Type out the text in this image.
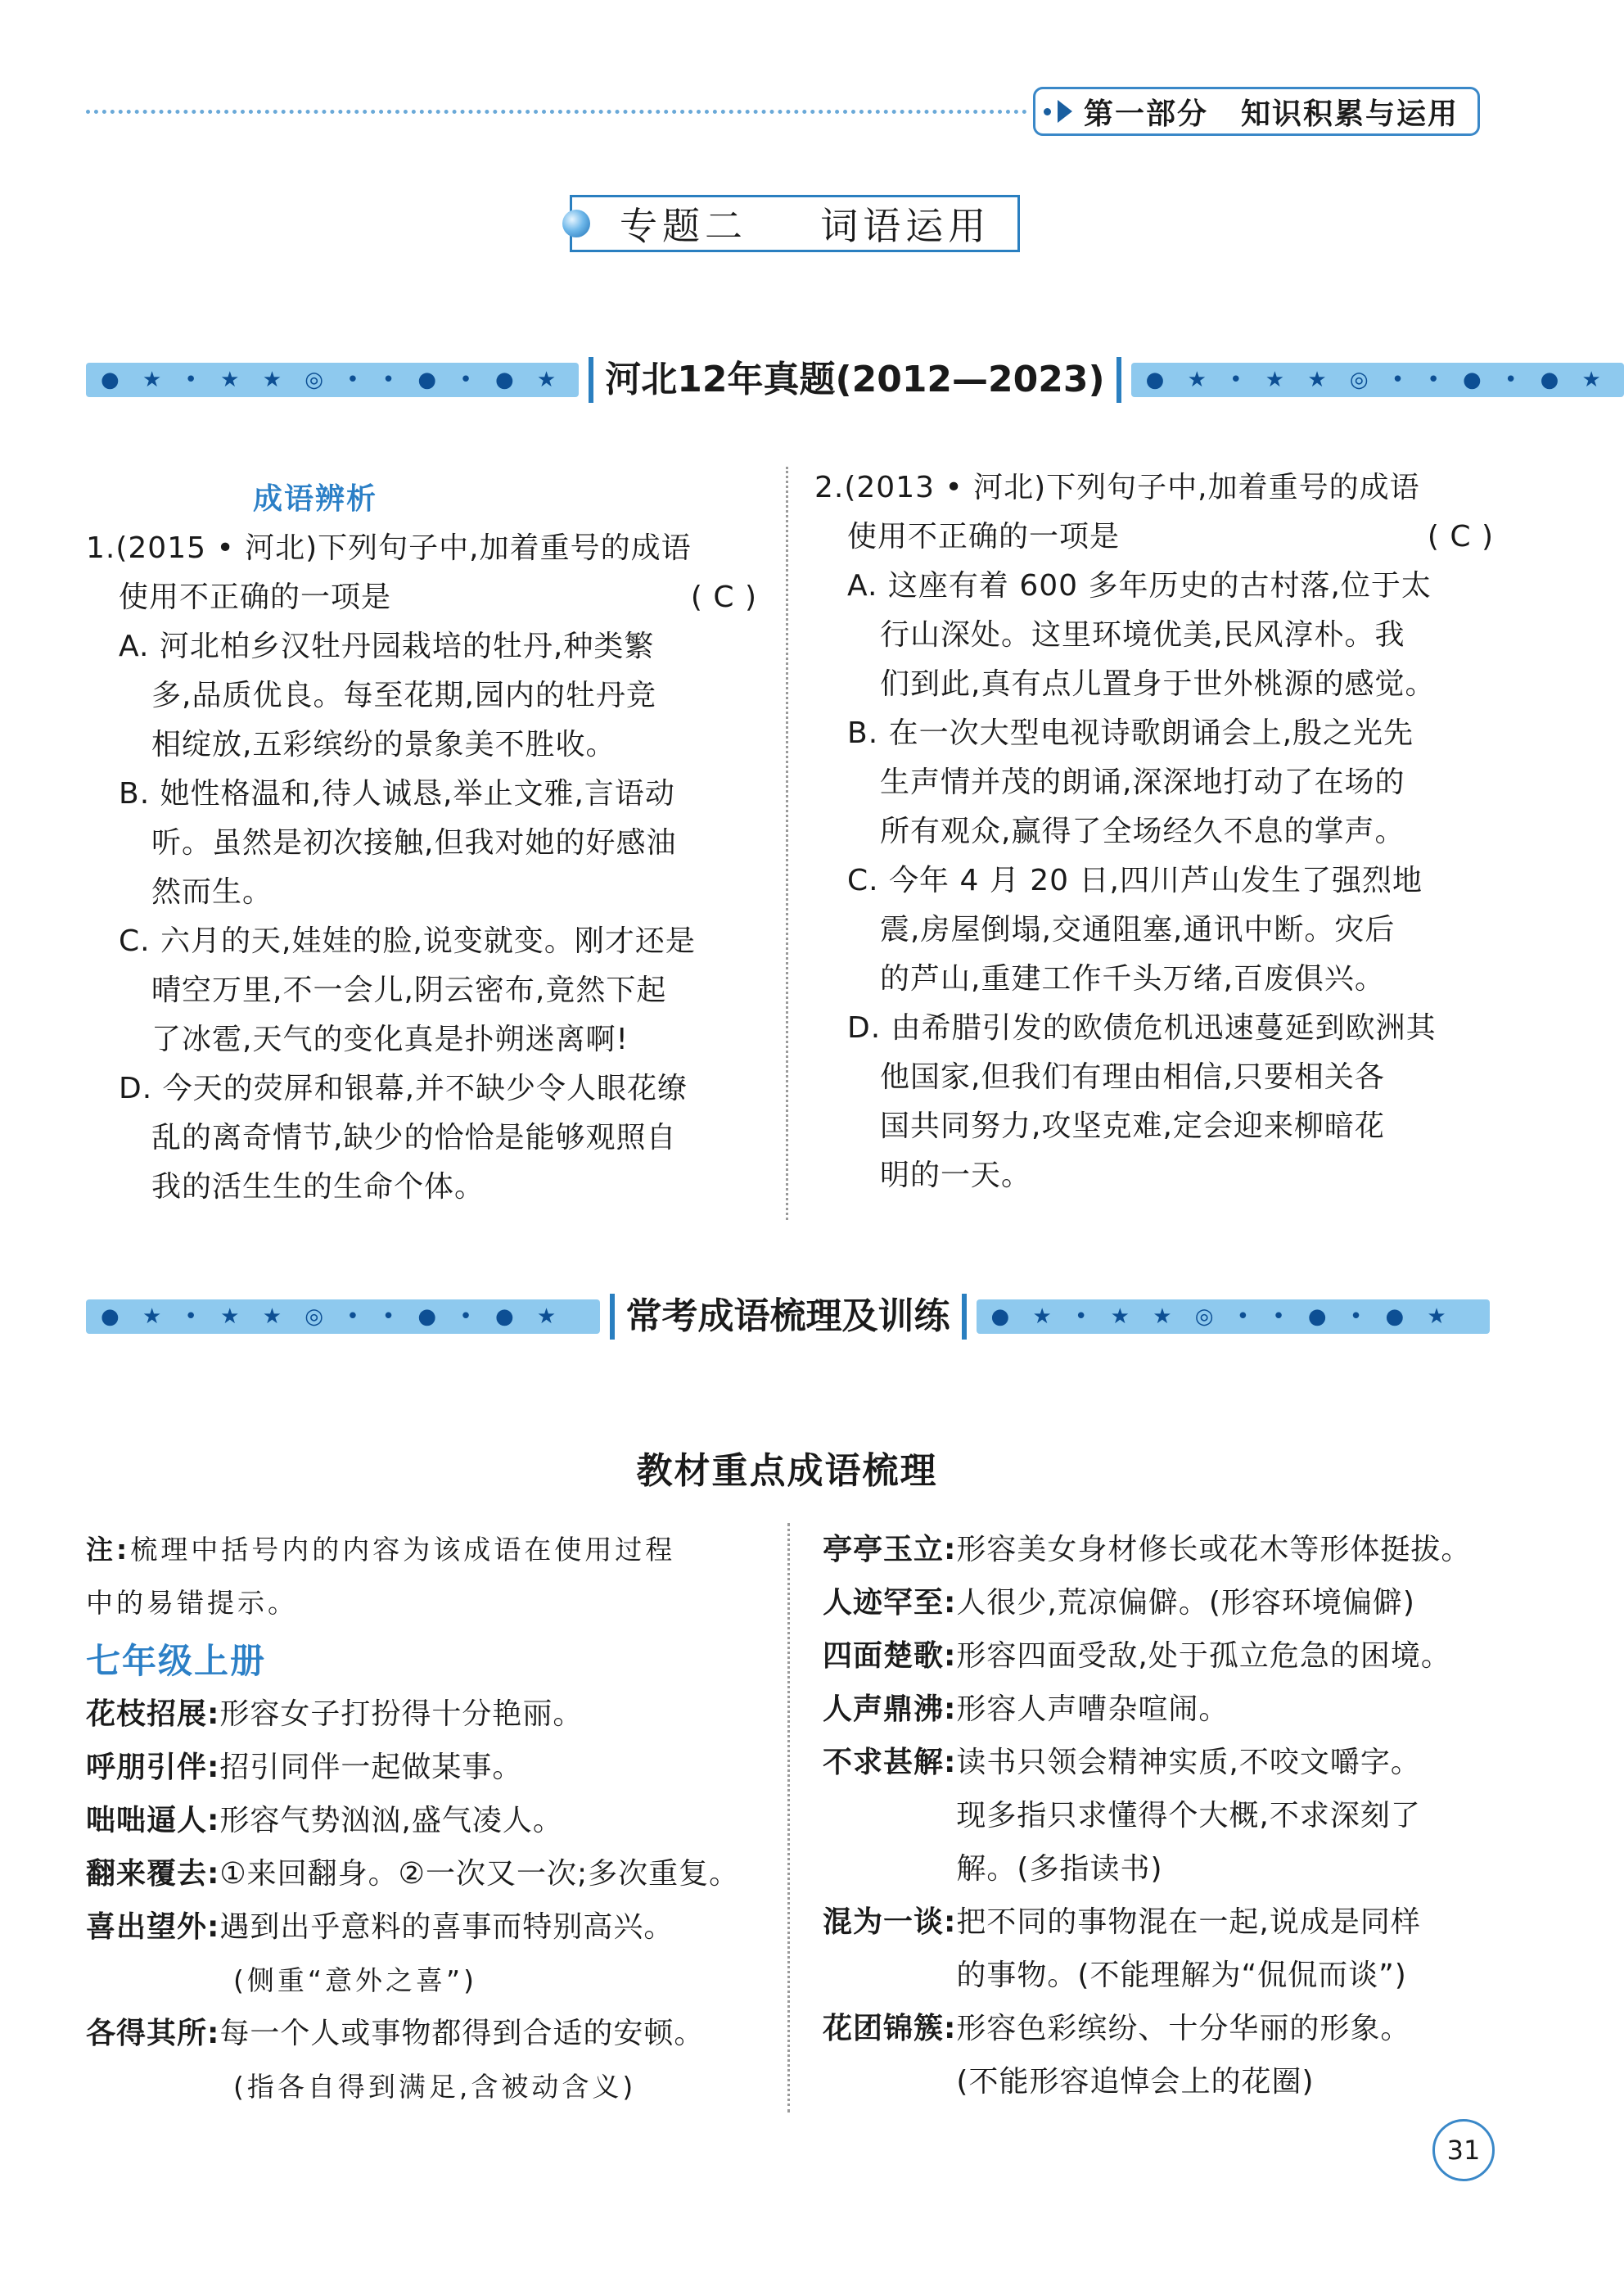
第一部分 知识积累与运用
专题二  词语运用
● ★ • ★ ★ ◎ • • ● • ● ★	河北12年真题(2012—2023)	● ★ • ★ ★ ◎ • • ● • ● ★
成语辨析
1.(2015 • 河北)下列句子中,加着重号的成语
使用不正确的一项是	( C )
A. 河北柏乡汉牡丹园栽培的牡丹,种类繁
多,品质优良。每至花期,园内的牡丹竞
相绽放,五彩缤纷的景象美不胜收。
B. 她性格温和,待人诚恳,举止文雅,言语动
听。虽然是初次接触,但我对她的好感油
然而生。
C. 六月的天,娃娃的脸,说变就变。刚才还是
晴空万里,不一会儿,阴云密布,竟然下起
了冰雹,天气的变化真是扑朔迷离啊!
D. 今天的荧屏和银幕,并不缺少令人眼花缭
乱的离奇情节,缺少的恰恰是能够观照自
我的活生生的生命个体。
2.(2013 • 河北)下列句子中,加着重号的成语
使用不正确的一项是	( C )
A. 这座有着 600 多年历史的古村落,位于太
行山深处。这里环境优美,民风淳朴。我
们到此,真有点儿置身于世外桃源的感觉。
B. 在一次大型电视诗歌朗诵会上,殷之光先
生声情并茂的朗诵,深深地打动了在场的
所有观众,赢得了全场经久不息的掌声。
C. 今年 4 月 20 日,四川芦山发生了强烈地
震,房屋倒塌,交通阻塞,通讯中断。灾后
的芦山,重建工作千头万绪,百废俱兴。
D. 由希腊引发的欧债危机迅速蔓延到欧洲其
他国家,但我们有理由相信,只要相关各
国共同努力,攻坚克难,定会迎来柳暗花
明的一天。
● ★ • ★ ★ ◎ • • ● • ● ★	常考成语梳理及训练	● ★ • ★ ★ ◎ • • ● • ● ★
教材重点成语梳理
注:梳理中括号内的内容为该成语在使用过程
中的易错提示。
七年级上册
花枝招展:形容女子打扮得十分艳丽。
呼朋引伴:招引同伴一起做某事。
咄咄逼人:形容气势汹汹,盛气凌人。
翻来覆去:①来回翻身。②一次又一次;多次重复。
喜出望外:遇到出乎意料的喜事而特别高兴。
(侧重“意外之喜”)
各得其所:每一个人或事物都得到合适的安顿。
(指各自得到满足,含被动含义)
亭亭玉立: 形容美女身材修长或花木等形体挺拔。
人迹罕至: 人很少,荒凉偏僻。(形容环境偏僻)
四面楚歌: 形容四面受敌,处于孤立危急的困境。
人声鼎沸: 形容人声嘈杂喧闹。
不求甚解: 读书只领会精神实质,不咬文嚼字。
现多指只求懂得个大概,不求深刻了
解。(多指读书)
混为一谈: 把不同的事物混在一起,说成是同样
的事物。(不能理解为“侃侃而谈”)
花团锦簇: 形容色彩缤纷、十分华丽的形象。
(不能形容追悼会上的花圈)
31
